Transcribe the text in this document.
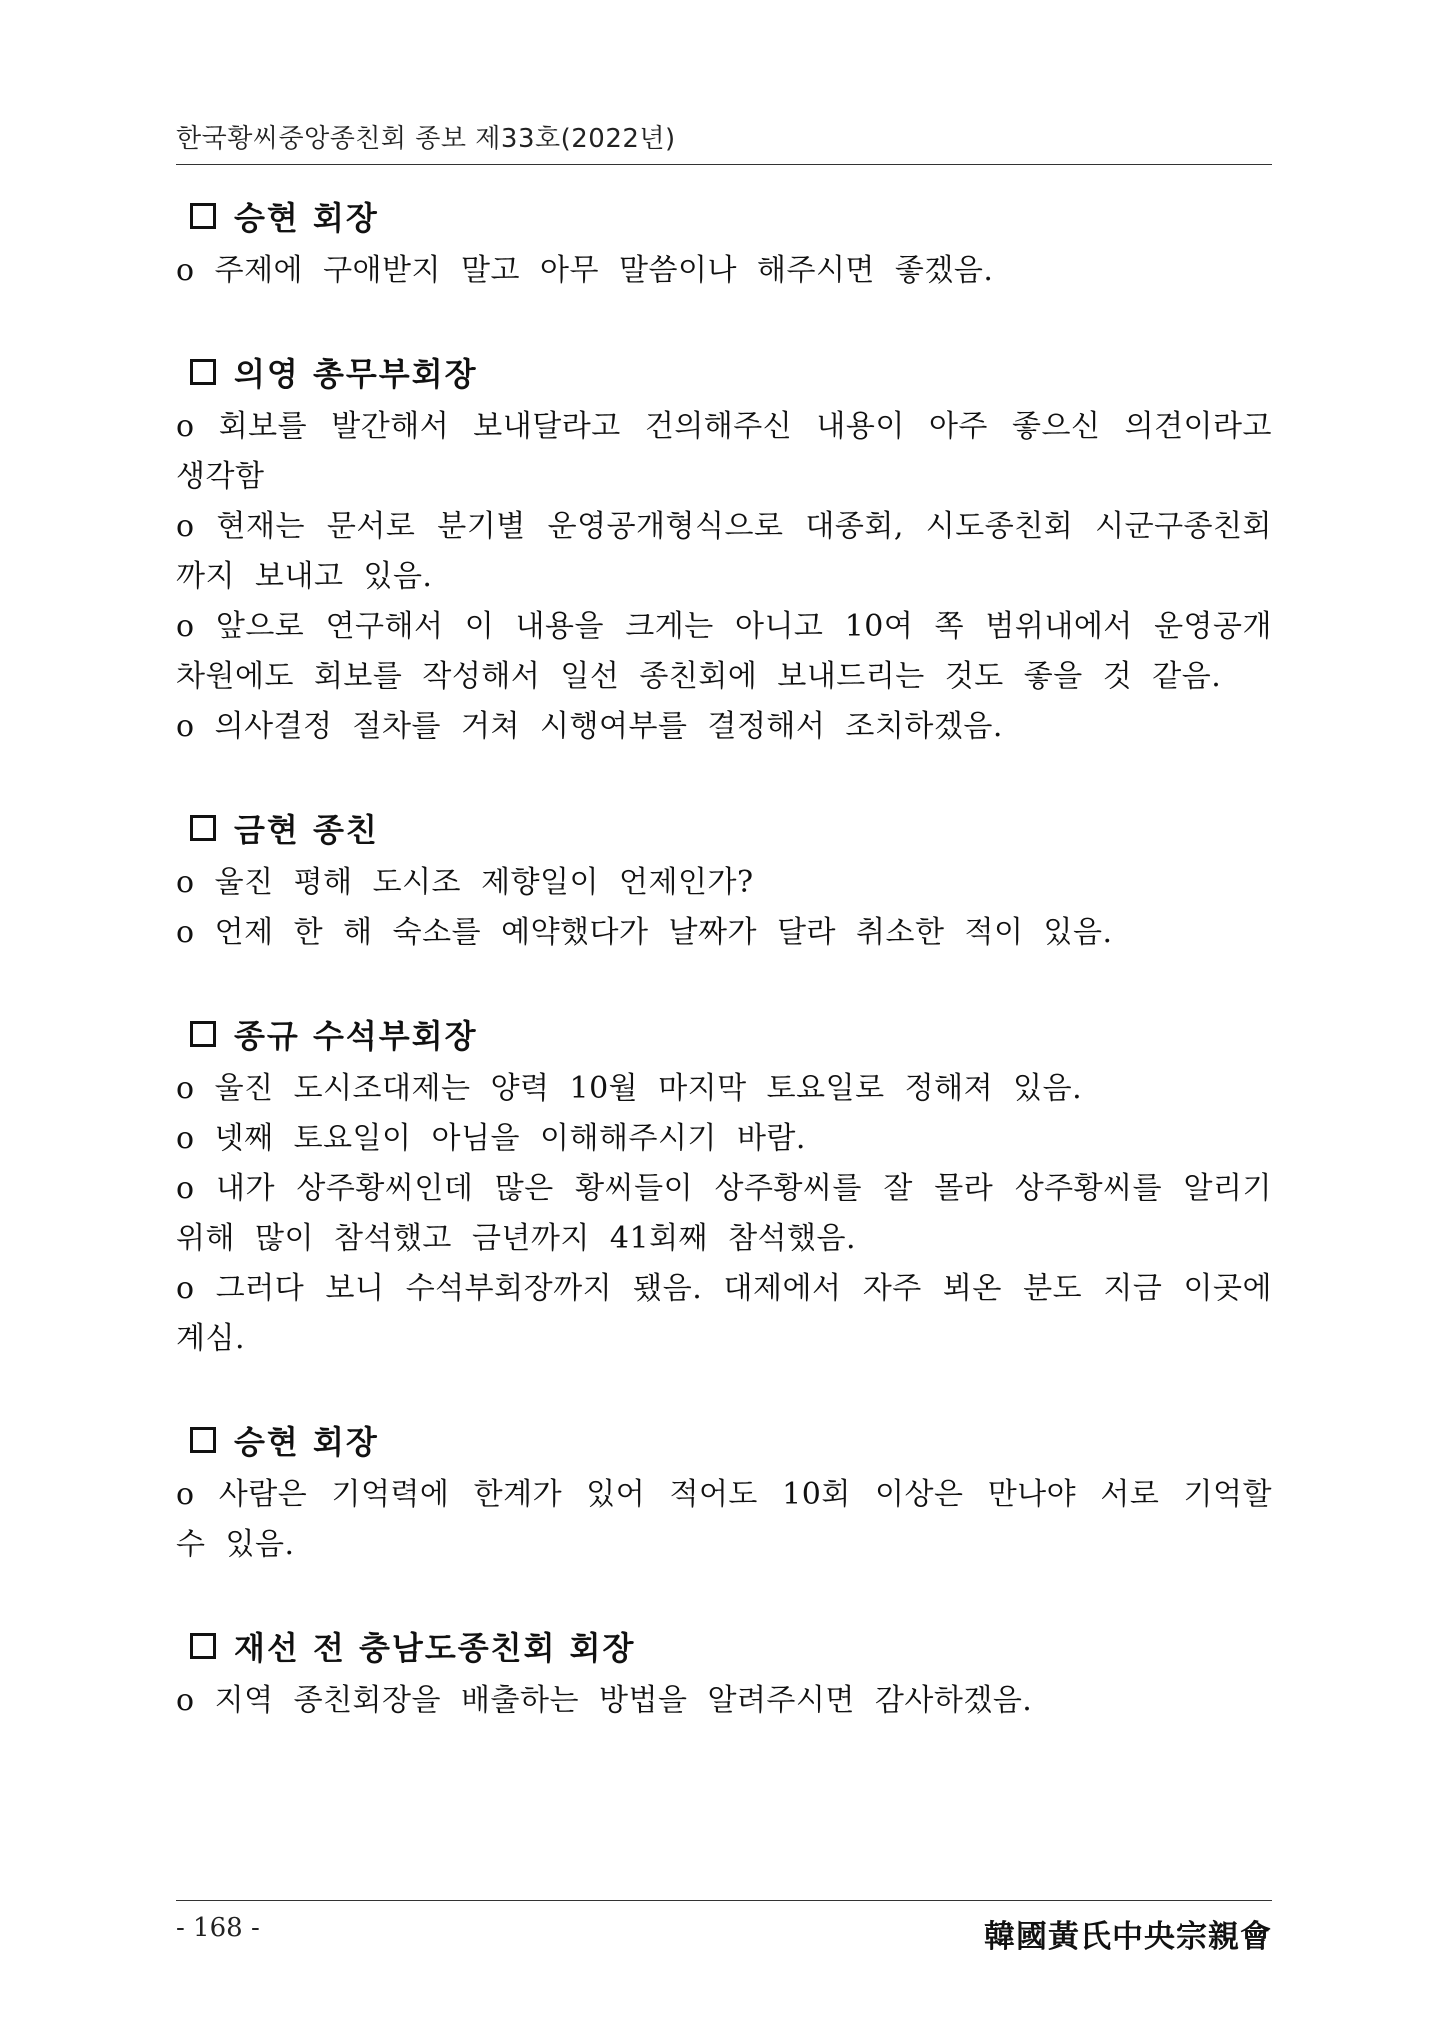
한국황씨중앙종친회 종보 제33호(2022년)
승현 회장

o 주제에 구애받지 말고 아무 말씀이나 해주시면 좋겠음.

의영 총무부회장

o 회보를 발간해서 보내달라고 건의해주신 내용이 아주 좋으신 의견이라고 생각함

o 현재는 문서로 분기별 운영공개형식으로 대종회, 시도종친회 시군구종친회까지 보내고 있음.

o 앞으로 연구해서 이 내용을 크게는 아니고 10여 쪽 범위내에서 운영공개 차원에도 회보를 작성해서 일선 종친회에 보내드리는 것도 좋을 것 같음.

o 의사결정 절차를 거쳐 시행여부를 결정해서 조치하겠음.

금현 종친

o 울진 평해 도시조 제향일이 언제인가?

o 언제 한 해 숙소를 예약했다가 날짜가 달라 취소한 적이 있음.

종규 수석부회장

o 울진 도시조대제는 양력 10월 마지막 토요일로 정해져 있음.

o 넷째 토요일이 아님을 이해해주시기 바람.

o 내가 상주황씨인데 많은 황씨들이 상주황씨를 잘 몰라 상주황씨를 알리기 위해 많이 참석했고 금년까지 41회째 참석했음.

o 그러다 보니 수석부회장까지 됐음. 대제에서 자주 뵈온 분도 지금 이곳에 계심.

승현 회장

o 사람은 기억력에 한계가 있어 적어도 10회 이상은 만나야 서로 기억할 수 있음.

재선 전 충남도종친회 회장

o 지역 종친회장을 배출하는 방법을 알려주시면 감사하겠음.

- 168 -	韓國黃氏中央宗親會
